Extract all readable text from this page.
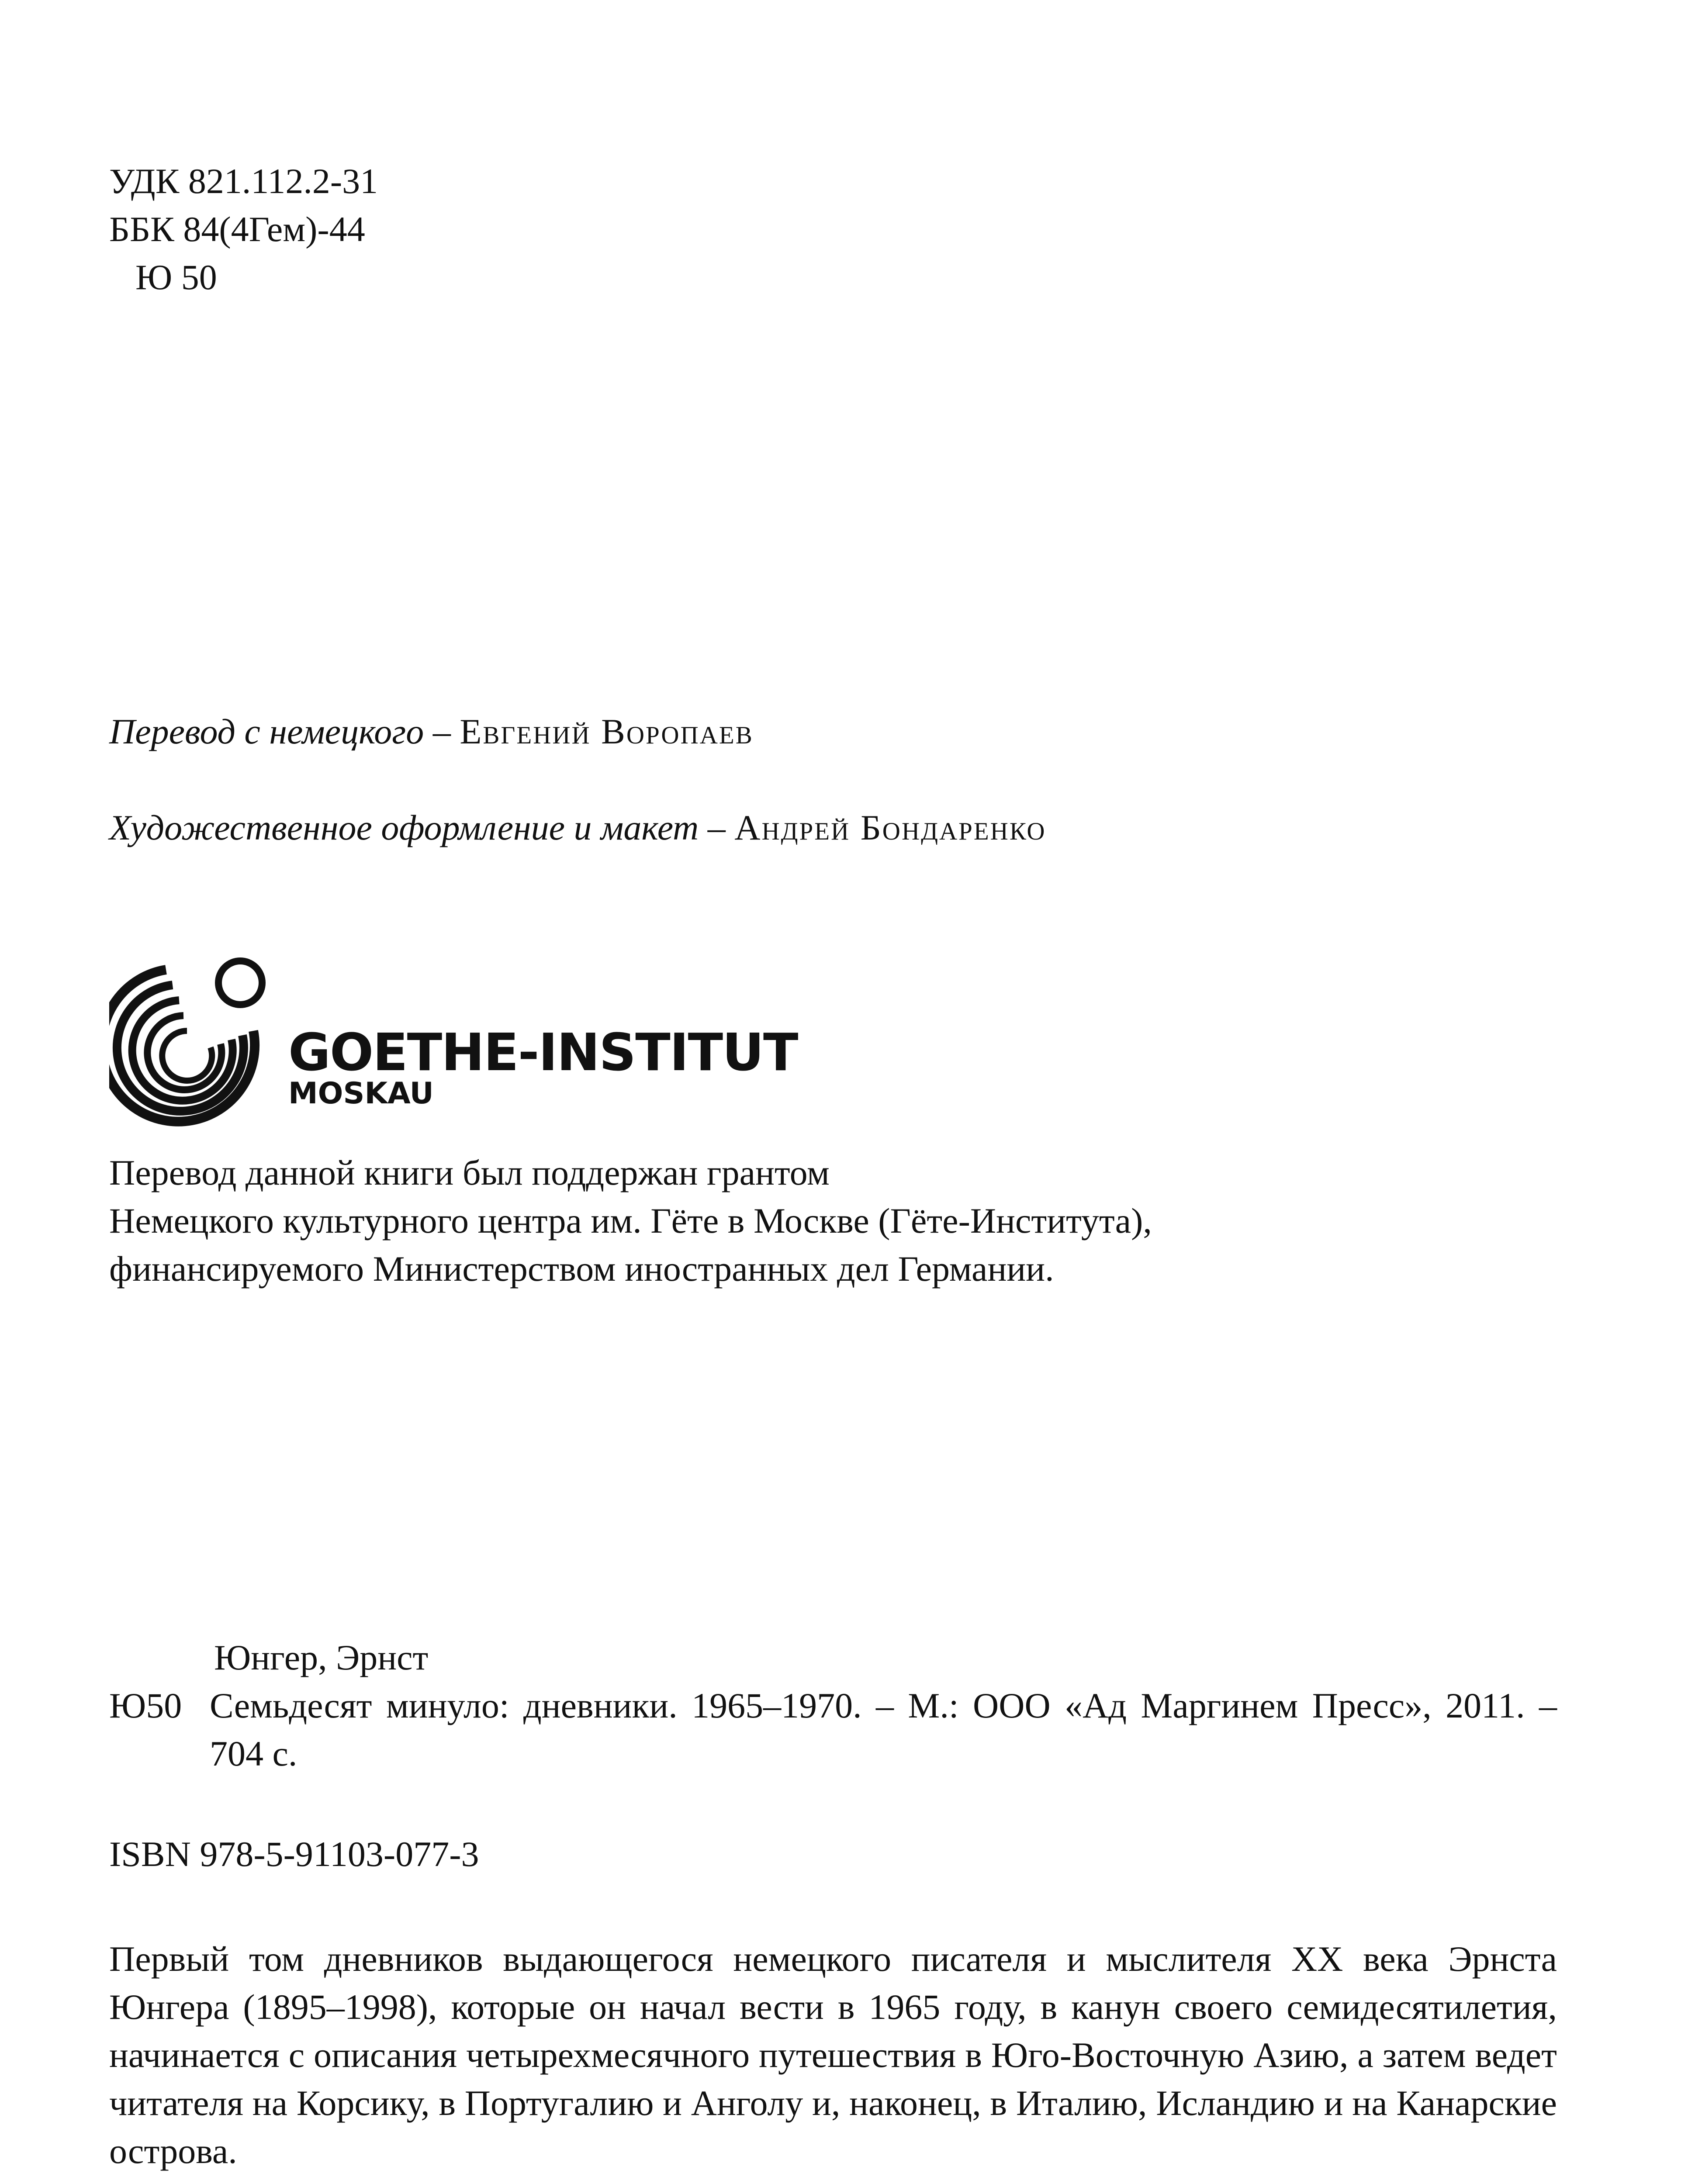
УДК 821.112.2-31
ББК 84(4Гем)-44
Ю 50
Перевод с немецкого – Евгений Воропаев
Художественное оформление и макет – Андрей Бондаренко
GOETHE-INSTITUT
MOSKAU
Перевод данной книги был поддержан грантом
Немецкого культурного центра им. Гёте в Москве (Гёте-Института),
финансируемого Министерством иностранных дел Германии.
Юнгер, Эрнст
Ю50 Семьдесят минуло: дневники. 1965–1970. – М.: ООО «Ад Маргинем Пресс», 2011. – 704 с.
ISBN 978-5-91103-077-3
Первый том дневников выдающегося немецкого писателя и мыслителя XX века Эрнста Юнгера (1895–1998), которые он начал вести в 1965 году, в канун своего семидесятилетия, начинается с описания четырехмесячного путешествия в Юго-Восточную Азию, а затем ведет читателя на Корсику, в Португалию и Анголу и, наконец, в Италию, Исландию и на Канарские острова.
